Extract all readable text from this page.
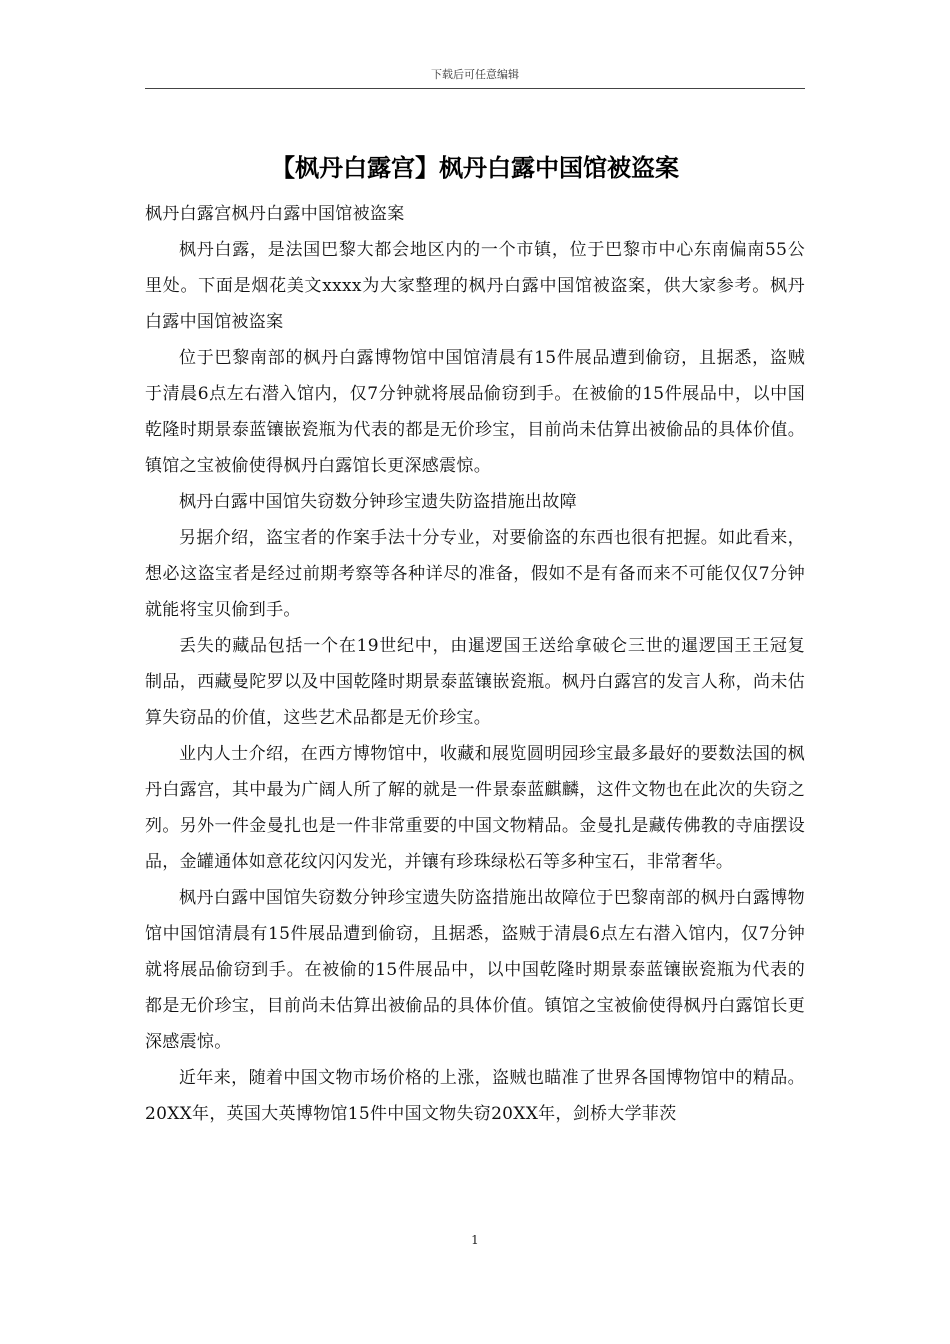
下载后可任意编辑
【枫丹白露宫】枫丹白露中国馆被盗案

枫丹白露宫枫丹白露中国馆被盗案

枫丹白露，是法国巴黎大都会地区内的一个市镇，位于巴黎市中心东南偏南55公里处。下面是烟花美文xxxx为大家整理的枫丹白露中国馆被盗案，供大家参考。枫丹白露中国馆被盗案

位于巴黎南部的枫丹白露博物馆中国馆清晨有15件展品遭到偷窃，且据悉，盗贼于清晨6点左右潜入馆内，仅7分钟就将展品偷窃到手。在被偷的15件展品中，以中国乾隆时期景泰蓝镶嵌瓷瓶为代表的都是无价珍宝，目前尚未估算出被偷品的具体价值。镇馆之宝被偷使得枫丹白露馆长更深感震惊。

枫丹白露中国馆失窃数分钟珍宝遗失防盗措施出故障

另据介绍，盗宝者的作案手法十分专业，对要偷盗的东西也很有把握。如此看来，想必这盗宝者是经过前期考察等各种详尽的准备，假如不是有备而来不可能仅仅7分钟就能将宝贝偷到手。

丢失的藏品包括一个在19世纪中，由暹逻国王送给拿破仑三世的暹逻国王王冠复制品，西藏曼陀罗以及中国乾隆时期景泰蓝镶嵌瓷瓶。枫丹白露宫的发言人称，尚未估算失窃品的价值，这些艺术品都是无价珍宝。

业内人士介绍，在西方博物馆中，收藏和展览圆明园珍宝最多最好的要数法国的枫丹白露宫，其中最为广阔人所了解的就是一件景泰蓝麒麟，这件文物也在此次的失窃之列。另外一件金曼扎也是一件非常重要的中国文物精品。金曼扎是藏传佛教的寺庙摆设品，金罐通体如意花纹闪闪发光，并镶有珍珠绿松石等多种宝石，非常奢华。

枫丹白露中国馆失窃数分钟珍宝遗失防盗措施出故障位于巴黎南部的枫丹白露博物馆中国馆清晨有15件展品遭到偷窃，且据悉，盗贼于清晨6点左右潜入馆内，仅7分钟就将展品偷窃到手。在被偷的15件展品中，以中国乾隆时期景泰蓝镶嵌瓷瓶为代表的都是无价珍宝，目前尚未估算出被偷品的具体价值。镇馆之宝被偷使得枫丹白露馆长更深感震惊。

近年来，随着中国文物市场价格的上涨，盗贼也瞄准了世界各国博物馆中的精品。20XX年，英国大英博物馆15件中国文物失窃20XX年，剑桥大学菲茨

1
